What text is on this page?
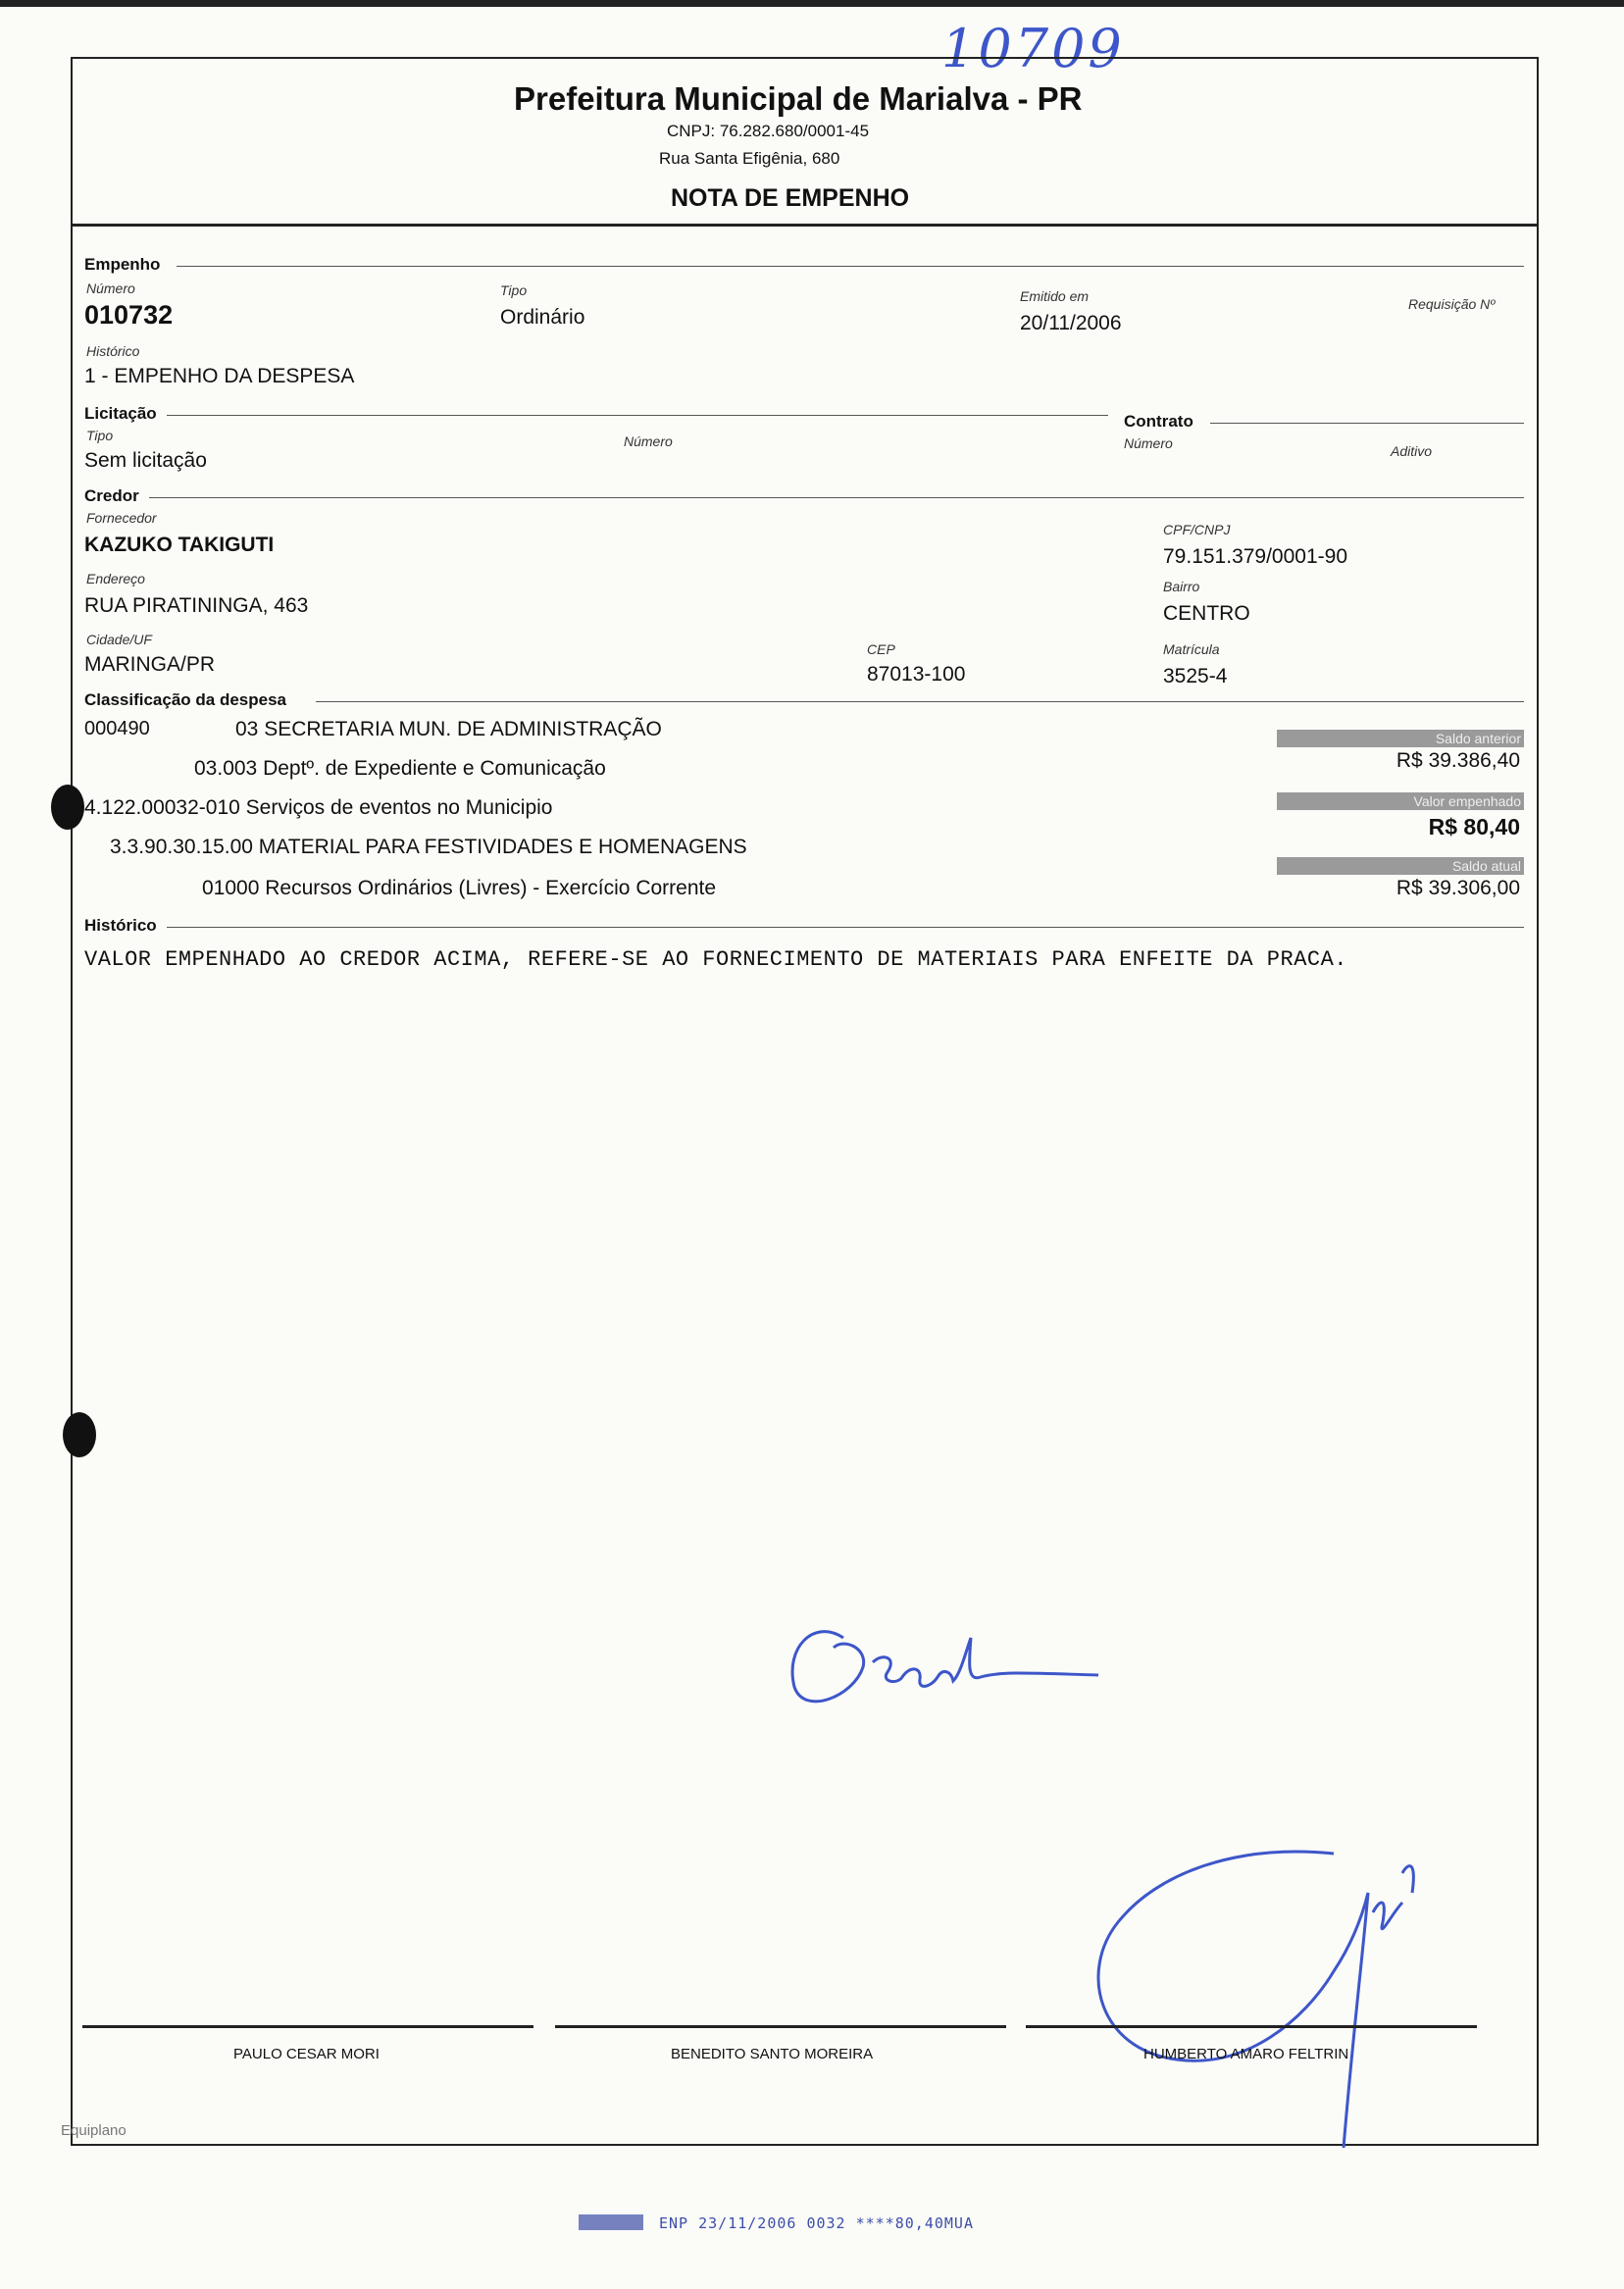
10709
Prefeitura Municipal de Marialva - PR
CNPJ: 76.282.680/0001-45
Rua Santa Efigênia, 680
NOTA DE EMPENHO
Empenho
Número
010732
Tipo
Ordinário
Emitido em
20/11/2006
Requisição Nº
Histórico
1 - EMPENHO DA DESPESA
Licitação
Tipo
Sem licitação
Número
Contrato
Número	Aditivo
Credor
Fornecedor
KAZUKO TAKIGUTI
CPF/CNPJ
79.151.379/0001-90
Endereço
RUA PIRATININGA, 463
Bairro
CENTRO
Cidade/UF
MARINGA/PR
CEP
87013-100
Matrícula
3525-4
Classificação da despesa
000490	03 SECRETARIA MUN. DE ADMINISTRAÇÃO
03.003 Deptº. de Expediente e Comunicação
4.122.00032-010 Serviços de eventos no Municipio
3.3.90.30.15.00 MATERIAL PARA FESTIVIDADES E HOMENAGENS
01000 Recursos Ordinários (Livres) - Exercício Corrente
Saldo anterior
R$ 39.386,40
Valor empenhado
R$ 80,40
Saldo atual
R$ 39.306,00
Histórico
VALOR EMPENHADO AO CREDOR ACIMA, REFERE-SE AO FORNECIMENTO DE MATERIAIS PARA ENFEITE DA PRACA.
PAULO CESAR MORI	BENEDITO SANTO MOREIRA	HUMBERTO AMARO FELTRIN
Equiplano
ENP 23/11/2006 0032 ****80,40MUA
